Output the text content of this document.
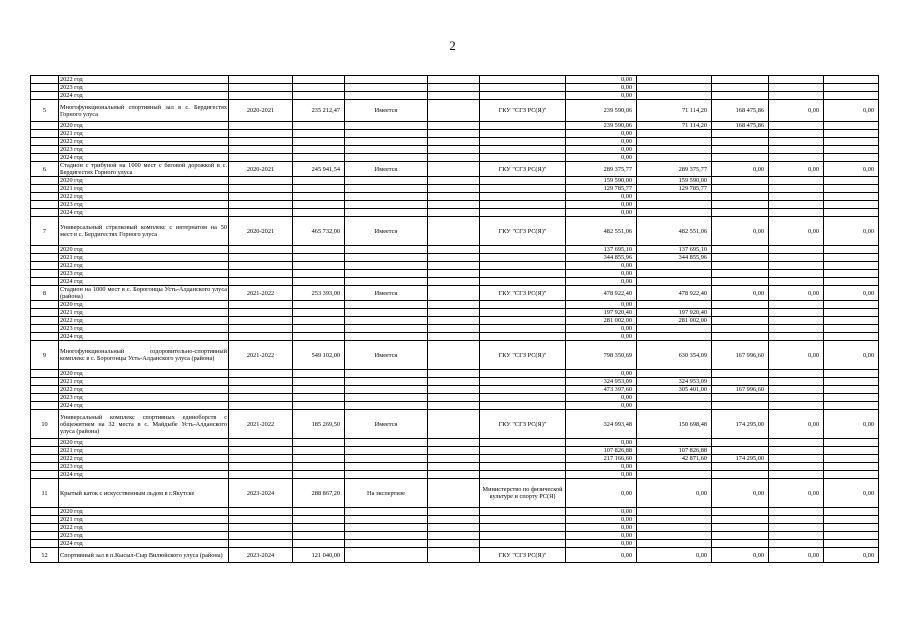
2
	2022 год						0,00				
	2023 год						0,00				
	2024 год						0,00				
5	Многофункциональный спортивный зал в с. Бердигестях Горного улуса	2020-2021	235 212,47	Имеется		ГКУ "СГЗ РС(Я)"	239 590,06	71 114,20	168 475,86	0,00	0,00
	2020 год						239 590,06	71 114,20	168 475,86		
	2021 год						0,00				
	2022 год						0,00				
	2023 год						0,00				
	2024 год						0,00				
6	Стадион с трибуной на 1000 мест с беговой дорожкой в с. Бердигестях Горного улуса	2020-2021	245 941,54	Имеется		ГКУ "СГЗ РС(Я)"	289 375,77	289 375,77	0,00	0,00	0,00
	2020 год						159 590,00	159 590,00			
	2021 год						129 785,77	129 785,77			
	2022 год						0,00				
	2023 год						0,00				
	2024 год						0,00				
7	Универсальный стрелковый комплекс с интернатом на 50 мест в с. Бердигестях Горного улуса	2020-2021	465 732,00	Имеется		ГКУ "СГЗ РС(Я)"	482 551,06	482 551,06	0,00	0,00	0,00
	2020 год						137 695,10	137 695,10			
	2021 год						344 855,96	344 855,96			
	2022 год						0,00				
	2023 год						0,00				
	2024 год						0,00				
8	Стадион на 1000 мест в с. Борогонцы Усть-Алданского улуса (района)	2021-2022	253 393,00	Имеется		ГКУ "СГЗ РС(Я)"	478 922,40	478 922,40	0,00	0,00	0,00
	2020 год						0,00				
	2021 год						197 920,40	197 920,40			
	2022 год						281 002,00	281 002,00			
	2023 год						0,00				
	2024 год						0,00				
9	Многофункциональный оздоровительно-спортивный комплекс в с. Борогонцы Усть-Алданского улуса (района)	2021-2022	549 102,00	Имеется		ГКУ "СГЗ РС(Я)"	798 350,69	630 354,09	167 996,60	0,00	0,00
	2020 год						0,00				
	2021 год						324 953,09	324 953,09			
	2022 год						473 397,60	305 401,00	167 996,60		
	2023 год						0,00				
	2024 год						0,00				
10	Универсальный комплекс спортивных единоборств с общежитием на 32 места в с. Майдыбе Усть-Алданского улуса (района)	2021-2022	185 269,50	Имеется		ГКУ "СГЗ РС(Я)"	324 993,48	150 698,48	174 295,00	0,00	0,00
	2020 год						0,00				
	2021 год						107 826,88	107 826,88			
	2022 год						217 166,60	42 871,60	174 295,00		
	2023 год						0,00				
	2024 год						0,00				
11	Крытый каток с искусственным льдом в г.Якутске	2023-2024	288 867,20	На экспертизе		Министерство по физической культуре и спорту РС(Я)	0,00	0,00	0,00	0,00	0,00
	2020 год						0,00				
	2021 год						0,00				
	2022 год						0,00				
	2023 год						0,00				
	2024 год						0,00				
12	Спортивный зал в п.Кысыл-Сыр Вилюйского улуса (района)	2023-2024	121 040,00			ГКУ "СГЗ РС(Я)"	0,00	0,00	0,00	0,00	0,00
